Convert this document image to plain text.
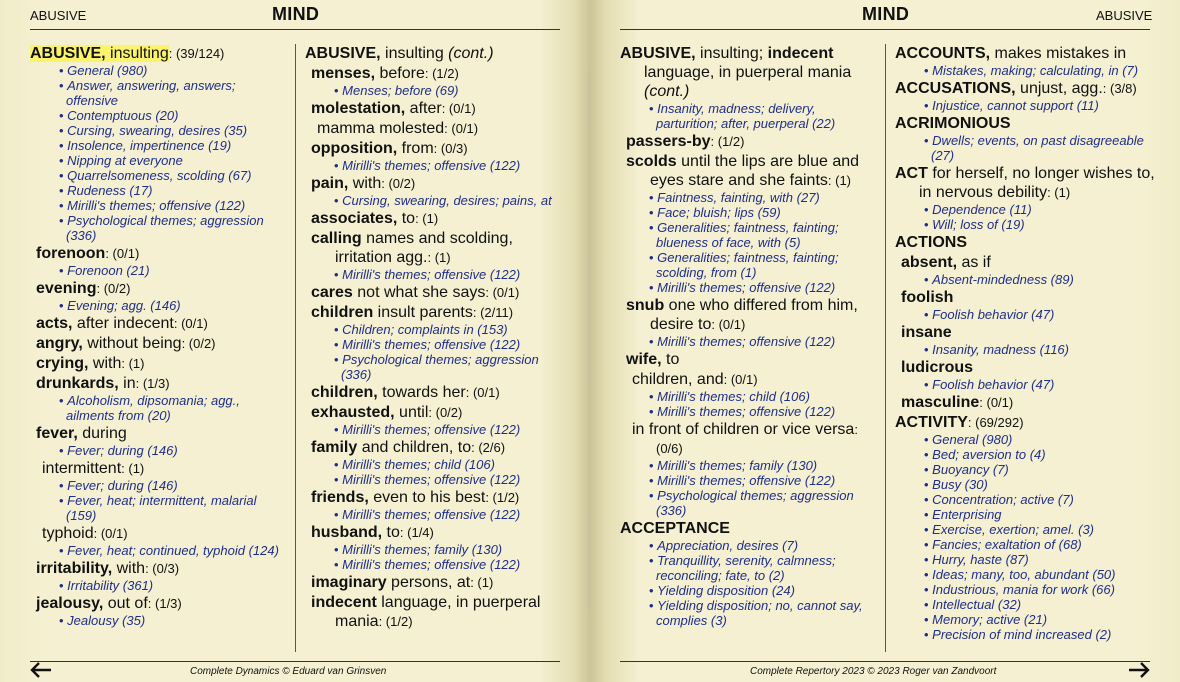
ABUSIVE	MIND
ABUSIVE, insulting: (39/124)
• General (980)
• Answer, answering, answers; offensive
• Contemptuous (20)
• Cursing, swearing, desires (35)
• Insolence, impertinence (19)
• Nipping at everyone
• Quarrelsomeness, scolding (67)
• Rudeness (17)
• Mirilli's themes; offensive (122)
• Psychological themes; aggression (336)
forenoon: (0/1)
• Forenoon (21)
evening: (0/2)
• Evening; agg. (146)
acts, after indecent: (0/1)
angry, without being: (0/2)
crying, with: (1)
drunkards, in: (1/3)
• Alcoholism, dipsomania; agg., ailments from (20)
fever, during
• Fever; during (146)
intermittent: (1)
• Fever; during (146)
• Fever, heat; intermittent, malarial (159)
typhoid: (0/1)
• Fever, heat; continued, typhoid (124)
irritability, with: (0/3)
• Irritability (361)
jealousy, out of: (1/3)
• Jealousy (35)
ABUSIVE, insulting (cont.)
menses, before: (1/2)
• Menses; before (69)
molestation, after: (0/1)
mamma molested: (0/1)
opposition, from: (0/3)
• Mirilli's themes; offensive (122)
pain, with: (0/2)
• Cursing, swearing, desires; pains, at
associates, to: (1)
calling names and scolding, irritation agg.: (1)
• Mirilli's themes; offensive (122)
cares not what she says: (0/1)
children insult parents: (2/11)
• Children; complaints in (153)
• Mirilli's themes; offensive (122)
• Psychological themes; aggression (336)
children, towards her: (0/1)
exhausted, until: (0/2)
• Mirilli's themes; offensive (122)
family and children, to: (2/6)
• Mirilli's themes; child (106)
• Mirilli's themes; offensive (122)
friends, even to his best: (1/2)
• Mirilli's themes; offensive (122)
husband, to: (1/4)
• Mirilli's themes; family (130)
• Mirilli's themes; offensive (122)
imaginary persons, at: (1)
indecent language, in puerperal mania: (1/2)
Complete Dynamics © Eduard van Grinsven
MIND	ABUSIVE
ABUSIVE, insulting; indecent language, in puerperal mania (cont.)
• Insanity, madness; delivery, parturition; after, puerperal (22)
passers-by: (1/2)
scolds until the lips are blue and eyes stare and she faints: (1)
• Faintness, fainting, with (27)
• Face; bluish; lips (59)
• Generalities; faintness, fainting; blueness of face, with (5)
• Generalities; faintness, fainting; scolding, from (1)
• Mirilli's themes; offensive (122)
snub one who differed from him, desire to: (0/1)
• Mirilli's themes; offensive (122)
wife, to
children, and: (0/1)
• Mirilli's themes; child (106)
• Mirilli's themes; offensive (122)
in front of children or vice versa: (0/6)
• Mirilli's themes; family (130)
• Mirilli's themes; offensive (122)
• Psychological themes; aggression (336)
ACCEPTANCE
• Appreciation, desires (7)
• Tranquillity, serenity, calmness; reconciling; fate, to (2)
• Yielding disposition (24)
• Yielding disposition; no, cannot say, complies (3)
ACCOUNTS, makes mistakes in
• Mistakes, making; calculating, in (7)
ACCUSATIONS, unjust, agg.: (3/8)
• Injustice, cannot support (11)
ACRIMONIOUS
• Dwells; events, on past disagreeable (27)
ACT for herself, no longer wishes to, in nervous debility: (1)
• Dependence (11)
• Will; loss of (19)
ACTIONS
absent, as if
• Absent-mindedness (89)
foolish
• Foolish behavior (47)
insane
• Insanity, madness (116)
ludicrous
• Foolish behavior (47)
masculine: (0/1)
ACTIVITY: (69/292)
• General (980)
• Bed; aversion to (4)
• Buoyancy (7)
• Busy (30)
• Concentration; active (7)
• Enterprising
• Exercise, exertion; amel. (3)
• Fancies; exaltation of (68)
• Hurry, haste (87)
• Ideas; many, too, abundant (50)
• Industrious, mania for work (66)
• Intellectual (32)
• Memory; active (21)
• Precision of mind increased (2)
Complete Repertory 2023 © 2023 Roger van Zandvoort
